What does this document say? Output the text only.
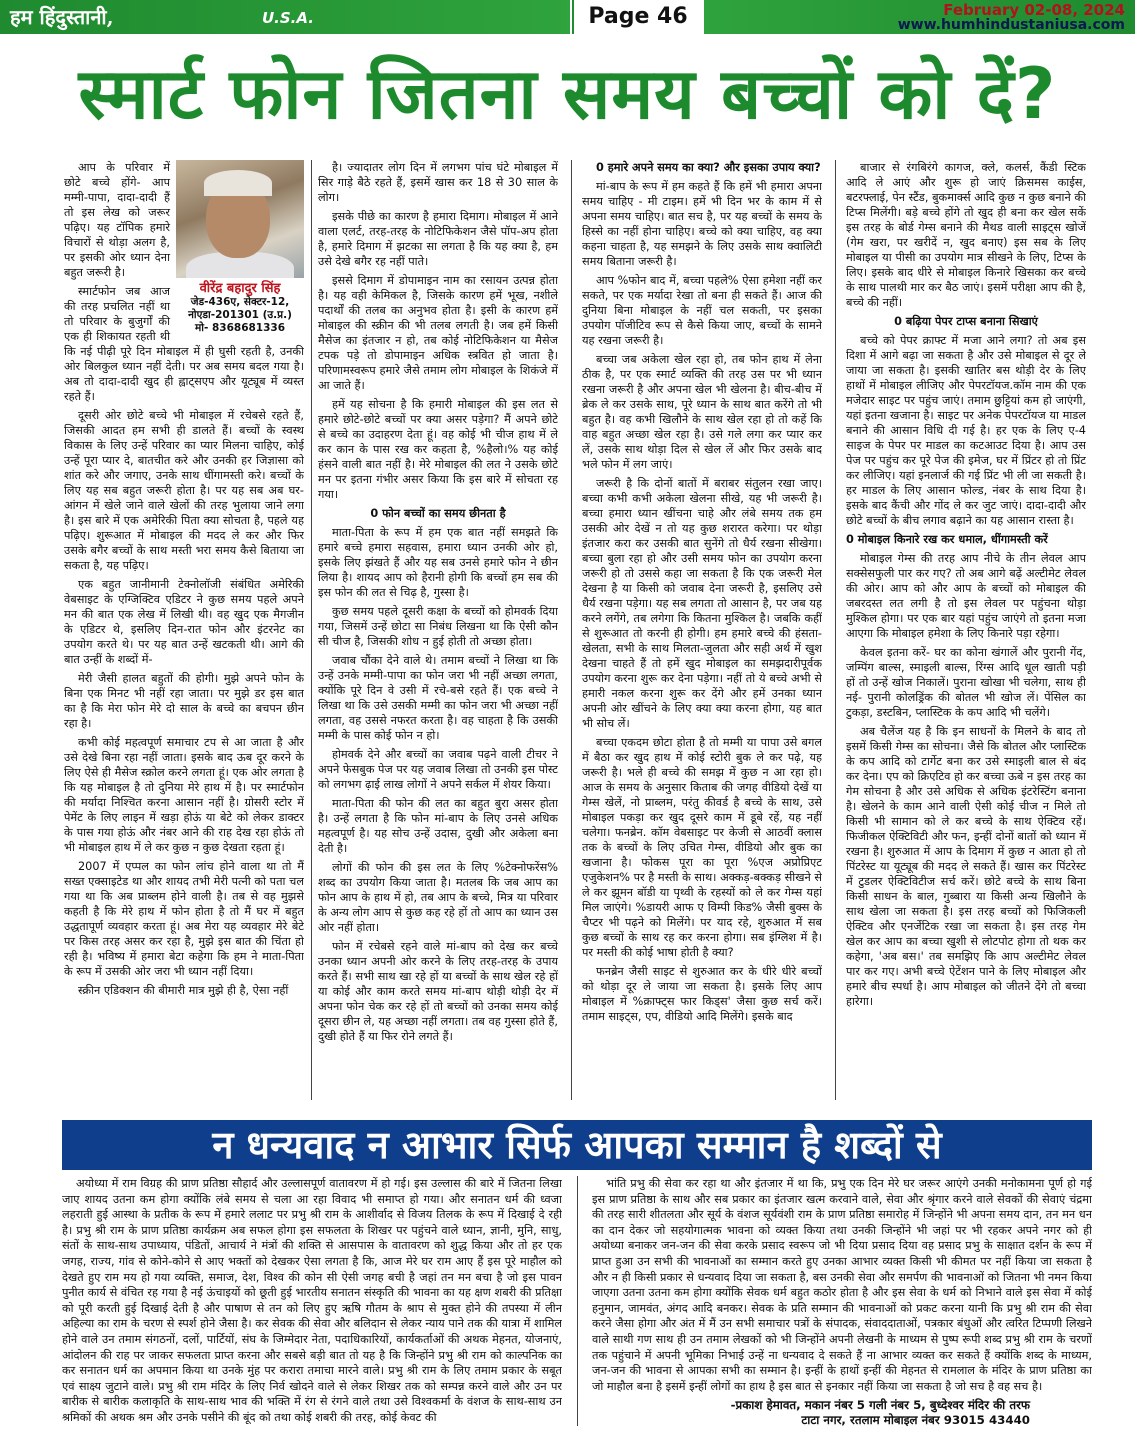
हम हिंदुस्तानी,	U.S.A.	Page 46	February 02-08, 2024
www.humhindustaniusa.com
स्मार्ट फोन जितना समय बच्चों को दें?
वीरेंद्र बहादुर सिंह
जेड-436ए, सेक्टर-12,
नोएडा-201301 (उ.प्र.)
मो- 8368681336

आप के परिवार में छोटे बच्चे होंगे- आप मम्मी-पापा, दादा-दादी हैं तो इस लेख को जरूर पढ़िए। यह टॉपिक हमारे विचारों से थोड़ा अलग है, पर इसकी ओर ध्यान देना बहुत जरूरी है।

स्मार्टफोन जब आज की तरह प्रचलित नहीं था तो परिवार के बुजुर्गों की एक ही शिकायत रहती थी कि नई पीढ़ी पूरे दिन मोबाइल में ही घुसी रहती है, उनकी ओर बिलकुल ध्यान नहीं देती। पर अब समय बदल गया है। अब तो दादा-दादी खुद ही ह्वाट्सएप और यूट्यूब में व्यस्त रहते हैं।

दूसरी ओर छोटे बच्चे भी मोबाइल में रचेबसे रहते हैं, जिसकी आदत हम सभी ही डालते हैं। बच्चों के स्वस्थ विकास के लिए उन्हें परिवार का प्यार मिलना चाहिए, कोई उन्हें पूरा प्यार दे, बातचीत करे और उनकी हर जिज्ञासा को शांत करे और जगाए, उनके साथ धींगामस्ती करे। बच्चों के लिए यह सब बहुत जरूरी होता है। पर यह सब अब घर-आंगन में खेले जाने वाले खेलों की तरह भुलाया जाने लगा है। इस बारे में एक अमेरिकी पिता क्या सोचता है, पहले यह पढ़िए। शुरूआत में मोबाइल की मदद ले कर और फिर उसके बगैर बच्चों के साथ मस्ती भरा समय कैसे बिताया जा सकता है, यह पढ़िए।

एक बहुत जानीमानी टेक्नोलॉजी संबंधित अमेरिकी वेबसाइट के एग्जिक्टिव एडिटर ने कुछ समय पहले अपने मन की बात एक लेख में लिखी थी। वह खुद एक मैगजीन के एडिटर थे, इसलिए दिन-रात फोन और इंटरनेट का उपयोग करते थे। पर यह बात उन्हें खटकती थी। आगे की बात उन्हीं के शब्दों में-

मेरी जैसी हालत बहुतों की होगी। मुझे अपने फोन के बिना एक मिनट भी नहीं रहा जाता। पर मुझे डर इस बात का है कि मेरा फोन मेरे दो साल के बच्चे का बचपन छीन रहा है।

कभी कोई महत्वपूर्ण समाचार टप से आ जाता है और उसे देखे बिना रहा नहीं जाता। इसके बाद ऊब दूर करने के लिए ऐसे ही मैसेज स्क्रोल करने लगता हूं। एक ओर लगता है कि यह मोबाइल है तो दुनिया मेरे हाथ में है। पर स्मार्टफोन की मर्यादा निश्चित करना आसान नहीं है। ग्रोसरी स्टोर में पेमेंट के लिए लाइन में खड़ा होऊं या बेटे को लेकर डाक्टर के पास गया होऊं और नंबर आने की राह देख रहा होऊं तो भी मोबाइल हाथ में ले कर कुछ न कुछ देखता रहता हूं।

2007 में एप्पल का फोन लांच होने वाला था तो मैं सख्त एक्साइटेड था और शायद तभी मेरी पत्नी को पता चल गया था कि अब प्राब्लम होने वाली है। तब से वह मुझसे कहती है कि मेरे हाथ में फोन होता है तो मैं घर में बहुत उद्धतापूर्ण व्यवहार करता हूं। अब मेरा यह व्यवहार मेरे बेटे पर किस तरह असर कर रहा है, मुझे इस बात की चिंता हो रही है। भविष्य में हमारा बेटा कहेगा कि हम ने माता-पिता के रूप में उसकी ओर जरा भी ध्यान नहीं दिया।

स्क्रीन एडिक्शन की बीमारी मात्र मुझे ही है, ऐसा नहीं

है। ज्यादातर लोग दिन में लगभग पांच घंटे मोबाइल में सिर गाड़े बैठे रहते हैं, इसमें खास कर 18 से 30 साल के लोग।

इसके पीछे का कारण है हमारा दिमाग। मोबाइल में आने वाला एलर्ट, तरह-तरह के नोटिफिकेशन जैसे पॉप-अप होता है, हमारे दिमाग में झटका सा लगता है कि यह क्या है, हम उसे देखे बगैर रह नहीं पाते।

इससे दिमाग में डोपामाइन नाम का रसायन उत्पन्न होता है। यह वही केमिकल है, जिसके कारण हमें भूख, नशीले पदार्थों की तलब का अनुभव होता है। इसी के कारण हमें मोबाइल की स्क्रीन की भी तलब लगती है। जब हमें किसी मैसेज का इंतजार न हो, तब कोई नोटिफिकेशन या मैसेज टपक पड़े तो डोपामाइन अधिक स्त्रवित हो जाता है। परिणामस्वरूप हमारे जैसे तमाम लोग मोबाइल के शिकंजे में आ जाते हैं।

हमें यह सोचना है कि हमारी मोबाइल की इस लत से हमारे छोटे-छोटे बच्चों पर क्या असर पड़ेगा? मैं अपने छोटे से बच्चे का उदाहरण देता हूं। वह कोई भी चीज हाथ में ले कर कान के पास रख कर कहता है, %हैलो।% यह कोई हंसने वाली बात नहीं है। मेरे मोबाइल की लत ने उसके छोटे मन पर इतना गंभीर असर किया कि इस बारे में सोचता रह गया।

0 फोन बच्चों का समय छीनता है

माता-पिता के रूप में हम एक बात नहीं समझते कि हमारे बच्चे हमारा सहवास, हमारा ध्यान उनकी ओर हो, इसके लिए झंखते हैं और यह सब उनसे हमारे फोन ने छीन लिया है। शायद आप को हैरानी होगी कि बच्चों हम सब की इस फोन की लत से चिढ़ है, गुस्सा है।

कुछ समय पहले दूसरी कक्षा के बच्चों को होमवर्क दिया गया, जिसमें उन्हें छोटा सा निबंध लिखना था कि ऐसी कौन सी चीज है, जिसकी शोध न हुई होती तो अच्छा होता।

जवाब चौंका देने वाले थे। तमाम बच्चों ने लिखा था कि उन्हें उनके मम्मी-पापा का फोन जरा भी नहीं अच्छा लगता, क्योंकि पूरे दिन वे उसी में रचे-बसे रहते हैं। एक बच्चे ने लिखा था कि उसे उसकी मम्मी का फोन जरा भी अच्छा नहीं लगता, वह उससे नफरत करता है। वह चाहता है कि उसकी मम्मी के पास कोई फोन न हो।

होमवर्क देने और बच्चों का जवाब पढ़ने वाली टीचर ने अपने फेसबुक पेज पर यह जवाब लिखा तो उनकी इस पोस्ट को लगभग ढ़ाई लाख लोगों ने अपने सर्कल में शेयर किया।

माता-पिता की फोन की लत का बहुत बुरा असर होता है। उन्हें लगता है कि फोन मां-बाप के लिए उनसे अधिक महत्वपूर्ण है। यह सोच उन्हें उदास, दुखी और अकेला बना देती है।

लोगों की फोन की इस लत के लिए %टेक्नोफरेंस% शब्द का उपयोग किया जाता है। मतलब कि जब आप का फोन आप के हाथ में हो, तब आप के बच्चे, मित्र या परिवार के अन्य लोग आप से कुछ कह रहे हों तो आप का ध्यान उस ओर नहीं होता।

फोन में रचेबसे रहने वाले मां-बाप को देख कर बच्चे उनका ध्यान अपनी ओर करने के लिए तरह-तरह के उपाय करते हैं। सभी साथ खा रहे हों या बच्चों के साथ खेल रहे हों या कोई और काम करते समय मां-बाप थोड़ी थोड़ी देर में अपना फोन चेक कर रहे हों तो बच्चों को उनका समय कोई दूसरा छीन ले, यह अच्छा नहीं लगता। तब वह गुस्सा होते हैं, दुखी होते हैं या फिर रोने लगते हैं।

0 हमारे अपने समय का क्या? और इसका उपाय क्या?

मां-बाप के रूप में हम कहते हैं कि हमें भी हमारा अपना समय चाहिए - मी टाइम। हमें भी दिन भर के काम में से अपना समय चाहिए। बात सच है, पर यह बच्चों के समय के हिस्से का नहीं होना चाहिए। बच्चे को क्या चाहिए, वह क्या कहना चाहता है, यह समझने के लिए उसके साथ क्वालिटी समय बिताना जरूरी है।

आप %फोन बाद में, बच्चा पहले% ऐसा हमेशा नहीं कर सकते, पर एक मर्यादा रेखा तो बना ही सकते हैं। आज की दुनिया बिना मोबाइल के नहीं चल सकती, पर इसका उपयोग पॉजीटिव रूप से कैसे किया जाए, बच्चों के सामने यह रखना जरूरी है।

बच्चा जब अकेला खेल रहा हो, तब फोन हाथ में लेना ठीक है, पर एक स्मार्ट व्यक्ति की तरह उस पर भी ध्यान रखना जरूरी है और अपना खेल भी खेलना है। बीच-बीच में ब्रेक ले कर उसके साथ, पूरे ध्यान के साथ बात करेंगे तो भी बहुत है। वह कभी खिलौने के साथ खेल रहा हो तो कहें कि वाह बहुत अच्छा खेल रहा है। उसे गले लगा कर प्यार कर लें, उसके साथ थोड़ा दिल से खेल लें और फिर उसके बाद भले फोन में लग जाएं।

जरूरी है कि दोनों बातों में बराबर संतुलन रखा जाए। बच्चा कभी कभी अकेला खेलना सीखे, यह भी जरूरी है। बच्चा हमारा ध्यान खींचना चाहे और लंबे समय तक हम उसकी ओर देखें न तो यह कुछ शरारत करेगा। पर थोड़ा इंतजार करा कर उसकी बात सुनेंगे तो धैर्य रखना सीखेगा। बच्चा बुला रहा हो और उसी समय फोन का उपयोग करना जरूरी हो तो उससे कहा जा सकता है कि एक जरूरी मेल देखना है या किसी को जवाब देना जरूरी है, इसलिए उसे धैर्य रखना पड़ेगा। यह सब लगता तो आसान है, पर जब यह करने लगेंगे, तब लगेगा कि कितना मुश्किल है। जबकि कहीं से शुरूआत तो करनी ही होगी। हम हमारे बच्चे की हंसता-खेलता, सभी के साथ मिलता-जुलता और सही अर्थ में खुश देखना चाहते हैं तो हमें खुद मोबाइल का समझदारीपूर्वक उपयोग करना शुरू कर देना पड़ेगा। नहीं तो ये बच्चे अभी से हमारी नकल करना शुरू कर देंगे और हमें उनका ध्यान अपनी ओर खींचने के लिए क्या क्या करना होगा, यह बात भी सोच लें।

बच्चा एकदम छोटा होता है तो मम्मी या पापा उसे बगल में बैठा कर खुद हाथ में कोई स्टोरी बुक ले कर पढ़े, यह जरूरी है। भले ही बच्चे की समझ में कुछ न आ रहा हो। आज के समय के अनुसार किताब की जगह वीडियो देखें या गेम्स खेलें, नो प्राब्लम, परंतु कीवर्ड है बच्चे के साथ, उसे मोबाइल पकड़ा कर खुद दूसरे काम में डूबे रहें, यह नहीं चलेगा। फनब्रेन. कॉम वेबसाइट पर केजी से आठवीं क्लास तक के बच्चों के लिए उचित गेम्स, वीडियो और बुक का खजाना है। फोकस पूरा का पूरा %एज अप्रोप्रिएट एजुकेशन% पर है मस्ती के साथ। अक्कड़-बक्कड़ सीखने से ले कर झूमन बॉडी या पृथ्वी के रहस्यों को ले कर गेम्स यहां मिल जाएंगे। %डायरी आफ ए विम्पी किड% जैसी बुक्स के चैप्टर भी पढ़ने को मिलेंगे। पर याद रहे, शुरुआत में सब कुछ बच्चों के साथ रह कर करना होगा। सब इंग्लिश में है। पर मस्ती की कोई भाषा होती है क्या?

फनब्रेन जैसी साइट से शुरुआत कर के धीरे धीरे बच्चों को थोड़ा दूर ले जाया जा सकता है। इसके लिए आप मोबाइल में %क्राफ्ट्स फार किड्स' जैसा कुछ सर्च करें। तमाम साइट्स, एप, वीडियो आदि मिलेंगे। इसके बाद

बाजार से रंगबिरंगे कागज, क्ले, कलर्स, कैंडी स्टिक आदि ले आएं और शुरू हो जाएं क्रिसमस काईस, बटरफ्लाई, पेन स्टैंड, बुकमार्क्स आदि कुछ न कुछ बनाने की टिप्स मिलेंगी। बड़े बच्चे होंगे तो खुद ही बना कर खेल सकें इस तरह के बोर्ड गेम्स बनाने की मैथड वाली साइट्स खोजें (गेम खरा, पर खरीदें न, खुद बनाए) इस सब के लिए मोबाइल या पीसी का उपयोग मात्र सीखने के लिए, टिप्स के लिए। इसके बाद धीरे से मोबाइल किनारे खिसका कर बच्चे के साथ पालथी मार कर बैठ जाएं। इसमें परीक्षा आप की है, बच्चे की नहीं।

0 बढ़िया पेपर टाप्स बनाना सिखाएं

बच्चे को पेपर क्राफ्ट में मजा आने लगा? तो अब इस दिशा में आगे बढ़ा जा सकता है और उसे मोबाइल से दूर ले जाया जा सकता है। इसकी खातिर बस थोड़ी देर के लिए हाथों में मोबाइल लीजिए और पेपरटॉयज.कॉम नाम की एक मजेदार साइट पर पहुंच जाएं। तमाम छुट्टियां कम हो जाएंगी, यहां इतना खजाना है। साइट पर अनेक पेपरटॉयज या माडल बनाने की आसान विधि दी गई है। हर एक के लिए ए-4 साइज के पेपर पर माडल का कटआउट दिया है। आप उस पेज पर पहुंच कर पूरे पेज की इमेज, घर में प्रिंटर हो तो प्रिंट कर लीजिए। यहां इनलार्ज की गई प्रिंट भी ली जा सकती है। हर माडल के लिए आसान फोल्ड, नंबर के साथ दिया है। इसके बाद कैंची और गोंद ले कर जुट जाएं। दादा-दादी और छोटे बच्चों के बीच लगाव बढ़ाने का यह आसान रास्ता है।

0 मोबाइल किनारे रख कर धमाल, धींगामस्ती करें

मोबाइल गेम्स की तरह आप नीचे के तीन लेवल आप सक्सेसफुली पार कर गए? तो अब आगे बढ़ें अल्टीमेट लेवल की ओर। आप को और आप के बच्चों को मोबाइल की जबरदस्त लत लगी है तो इस लेवल पर पहुंचना थोड़ा मुश्किल होगा। पर एक बार यहां पहुंच जाएंगे तो इतना मजा आएगा कि मोबाइल हमेशा के लिए किनारे पड़ा रहेगा।

केवल इतना करें- घर का कोना खंगालें और पुरानी गेंद, जम्पिंग बाल्स, स्माइली बाल्स, रिंग्स आदि धूल खाती पड़ी हों तो उन्हें खोज निकालें। पुराना खोखा भी चलेगा, साथ ही नई- पुरानी कोलड्रिंक की बोतल भी खोज लें। पेंसिल का टुकड़ा, डस्टबिन, प्लास्टिक के कप आदि भी चलेंगे।

अब चैलेंज यह है कि इन साधनों के मिलने के बाद तो इसमें किसी गेम्स का सोचना। जैसे कि बोतल और प्लास्टिक के कप आदि को टार्गेट बना कर उसे स्माइली बाल से बंद कर देना। एप को क्रिएटिव हो कर बच्चा ऊबे न इस तरह का गेम सोचना है और उसे अधिक से अधिक इंटरेस्टिंग बनाना है। खेलने के काम आने वाली ऐसी कोई चीज न मिले तो किसी भी सामान को ले कर बच्चे के साथ ऐक्टिव रहें। फिजीकल ऐक्टिविटी और फन, इन्हीं दोनों बातों को ध्यान में रखना है। शुरुआत में आप के दिमाग में कुछ न आता हो तो पिंटरेस्ट या यूट्यूब की मदद ले सकते हैं। खास कर पिंटरेस्ट में टुडलर ऐक्टिविटीज सर्च करें। छोटे बच्चे के साथ बिना किसी साधन के बाल, गुब्बारा या किसी अन्य खिलौने के साथ खेला जा सकता है। इस तरह बच्चों को फिजिकली ऐक्टिव और एनर्जेटिक रखा जा सकता है। इस तरह गेम खेल कर आप का बच्चा खुशी से लोटपोट होगा तो थक कर कहेगा, 'अब बस।' तब समझिए कि आप अल्टीमेट लेवल पार कर गए। अभी बच्चे ऐटेंशन पाने के लिए मोबाइल और हमारे बीच स्पर्धा है। आप मोबाइल को जीतने देंगे तो बच्चा हारेगा।

न धन्यवाद न आभार सिर्फ आपका सम्मान है शब्दों से

अयोध्या में राम विग्रह की प्राण प्रतिष्ठा सौहार्द और उल्लासपूर्ण वातावरण में हो गई। इस उल्लास की बारे में जितना लिखा जाए शायद उतना कम होगा क्योंकि लंबे समय से चला आ रहा विवाद भी समाप्त हो गया। और सनातन धर्म की ध्वजा लहराती हुई आस्था के प्रतीक के रूप में हमारे ललाट पर प्रभु श्री राम के आशीर्वाद से विजय तिलक के रूप में दिखाई दे रही है। प्रभु श्री राम के प्राण प्रतिष्ठा कार्यक्रम अब सफल होगा इस सफलता के शिखर पर पहुंचने वाले ध्यान, ज्ञानी, मुनि, साधु, संतों के साथ-साथ उपाध्याय, पंडितों, आचार्य ने मंत्रों की शक्ति से आसपास के वातावरण को शुद्ध किया और तो हर एक जगह, राज्य, गांव से कोने-कोने से आए भक्तों को देखकर ऐसा लगता है कि, आज मेरे घर राम आए हैं इस पूरे माहौल को देखते हुए राम मय हो गया व्यक्ति, समाज, देश, विश्व की कोन सी ऐसी जगह बची है जहां तन मन बचा है जो इस पावन पुनीत कार्य से वंचित रह गया है नई ऊंचाइयों को छूती हुई भारतीय सनातन संस्कृति की भावना का यह क्षण शबरी की प्रतिक्षा को पूरी करती हुई दिखाई देती है और पाषाण से तन को लिए हुए ऋषि गौतम के श्राप से मुक्त होने की तपस्या में लीन अहिल्या का राम के चरण से स्पर्श होने जैसा है। कर सेवक की सेवा और बलिदान से लेकर न्याय पाने तक की यात्रा में शामिल होने वाले उन तमाम संगठनों, दलों, पार्टियों, संघ के जिम्मेदार नेता, पदाधिकारियों, कार्यकर्ताओं की अथक मेहनत, योजनाएं, आंदोलन की राह पर जाकर सफलता प्राप्त करना और सबसे बड़ी बात तो यह है कि जिन्होंने प्रभु श्री राम को काल्पनिक का कर सनातन धर्म का अपमान किया था उनके मुंह पर करारा तमाचा मारने वाले। प्रभु श्री राम के लिए तमाम प्रकार के सबूत एवं साक्ष्य जुटाने वाले। प्रभु श्री राम मंदिर के लिए निर्व खोदने वाले से लेकर शिखर तक को सम्पन्न करने वाले और उन पर बारीक से बारीक कलाकृति के साथ-साथ भाव की भक्ति में रंग से रंगने वाले तथा उसे विश्वकर्मा के वंशज के साथ-साथ उन श्रमिकों की अथक श्रम और उनके पसीने की बूंद को तथा कोई शबरी की तरह, कोई केवट की

भांति प्रभु की सेवा कर रहा था और इंतजार में था कि, प्रभु एक दिन मेरे घर जरूर आएंगे उनकी मनोकामना पूर्ण हो गई इस प्राण प्रतिष्ठा के साथ और सब प्रकार का इंतजार खत्म करवाने वाले, सेवा और श्रृंगार करने वाले सेवकों की सेवाएं चंद्रमा की तरह सारी शीतलता और सूर्य के वंशज सूर्यवंशी राम के प्राण प्रतिष्ठा समारोह में जिन्होंने भी अपना समय दान, तन मन धन का दान देकर जो सहयोगात्मक भावना को व्यक्त किया तथा उनकी जिन्होंने भी जहां पर भी रहकर अपने नगर को ही अयोध्या बनाकर जन-जन की सेवा करके प्रसाद स्वरूप जो भी दिया प्रसाद दिया वह प्रसाद प्रभु के साक्षात दर्शन के रूप में प्राप्त हुआ उन सभी की भावनाओं का सम्मान करते हुए उनका आभार व्यक्त किसी भी कीमत पर नहीं किया जा सकता है और न ही किसी प्रकार से धन्यवाद दिया जा सकता है, बस उनकी सेवा और समर्पण की भावनाओं को जितना भी नमन किया जाएगा उतना उतना कम होगा क्योंकि सेवक धर्म बहुत कठोर होता है और इस सेवा के धर्म को निभाने वाले इस सेवा में कोई हनुमान, जामवंत, अंगद आदि बनकर। सेवक के प्रति सम्मान की भावनाओं को प्रकट करना यानी कि प्रभु श्री राम की सेवा करने जैसा होगा और अंत में मैं उन सभी समाचार पत्रों के संपादक, संवाददाताओं, पत्रकार बंधुओं और त्वरित टिप्पणी लिखने वाले साथी गण साथ ही उन तमाम लेखकों को भी जिन्होंने अपनी लेखनी के माध्यम से पुष्प रूपी शब्द प्रभु श्री राम के चरणों तक पहुंचाने में अपनी भूमिका निभाई उन्हें ना धन्यवाद दे सकते हैं ना आभार व्यक्त कर सकते हैं क्योंकि शब्द के माध्यम, जन-जन की भावना से आपका सभी का सम्मान है। इन्हीं के हाथों इन्हीं की मेहनत से रामलाल के मंदिर के प्राण प्रतिष्ठा का जो माहौल बना है इसमें इन्हीं लोगों का हाथ है इस बात से इनकार नहीं किया जा सकता है जो सच है वह सच है।

-प्रकाश हेमावत, मकान नंबर 5 गली नंबर 5, बुध्देश्वर मंदिर की तरफ
टाटा नगर, रतलाम मोबाइल नंबर 93015 43440
